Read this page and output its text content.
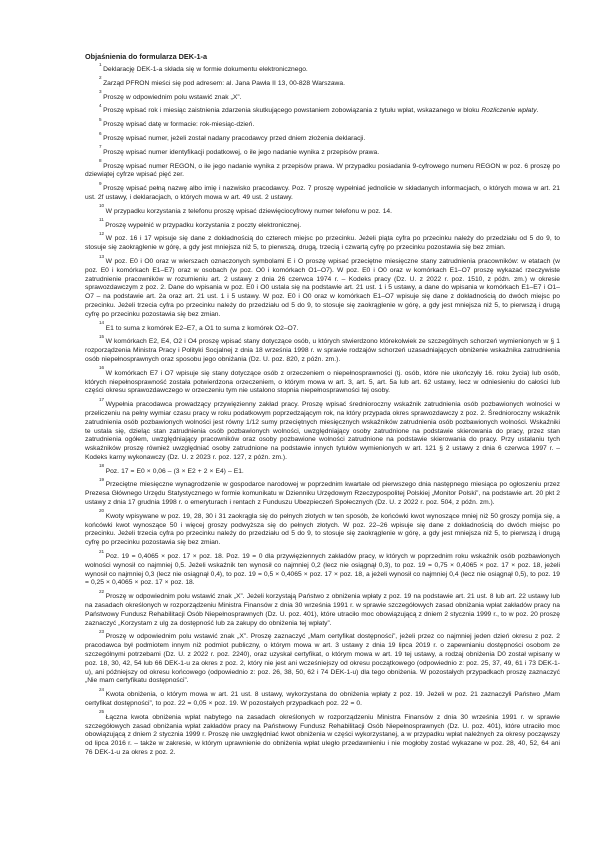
Objaśnienia do formularza DEK-1-a

$^1$Deklarację DEK-1-a składa się w formie dokumentu elektronicznego.

$^2$Zarząd PFRON mieści się pod adresem: al. Jana Pawła II 13, 00-828 Warszawa.

$^3$Proszę w odpowiednim polu wstawić znak „X”.

$^4$Proszę wpisać rok i miesiąc zaistnienia zdarzenia skutkującego powstaniem zobowiązania z tytułu wpłat, wskazanego w bloku Rozliczenie wpłaty.

$^5$Proszę wpisać datę w formacie: rok-miesiąc-dzień.

$^6$Proszę wpisać numer, jeżeli został nadany pracodawcy przed dniem złożenia deklaracji.

$^7$Proszę wpisać numer identyfikacji podatkowej, o ile jego nadanie wynika z przepisów prawa.

$^8$Proszę wpisać numer REGON, o ile jego nadanie wynika z przepisów prawa. W przypadku posiadania 9-cyfrowego numeru REGON w poz. 6 proszę po dziewiątej cyfrze wpisać pięć zer.

$^9$Proszę wpisać pełną nazwę albo imię i nazwisko pracodawcy. Poz. 7 proszę wypełniać jednolicie w składanych informacjach, o których mowa w art. 21 ust. 2f ustawy, i deklaracjach, o których mowa w art. 49 ust. 2 ustawy.

$^{10}$W przypadku korzystania z telefonu proszę wpisać dziewięciocyfrowy numer telefonu w poz. 14.

$^{11}$Proszę wypełnić w przypadku korzystania z poczty elektronicznej.

$^{12}$W poz. 16 i 17 wpisuje się dane z dokładnością do czterech miejsc po przecinku. Jeżeli piąta cyfra po przecinku należy do przedziału od 5 do 9, to stosuje się zaokrąglenie w górę, a gdy jest mniejsza niż 5, to pierwszą, drugą, trzecią i czwartą cyfrę po przecinku pozostawia się bez zmian.

$^{13}$W poz. E0 i O0 oraz w wierszach oznaczonych symbolami E i O proszę wpisać przeciętne miesięczne stany zatrudnienia pracowników: w etatach (w poz. E0 i komórkach E1–E7) oraz w osobach (w poz. O0 i komórkach O1–O7). W poz. E0 i O0 oraz w komórkach E1–O7 proszę wykazać rzeczywiste zatrudnienie pracowników w rozumieniu art. 2 ustawy z dnia 26 czerwca 1974 r. – Kodeks pracy (Dz. U. z 2022 r. poz. 1510, z późn. zm.) w okresie sprawozdawczym z poz. 2. Dane do wpisania w poz. E0 i O0 ustala się na podstawie art. 21 ust. 1 i 5 ustawy, a dane do wpisania w komórkach E1–E7 i O1–O7 – na podstawie art. 2a oraz art. 21 ust. 1 i 5 ustawy. W poz. E0 i O0 oraz w komórkach E1–O7 wpisuje się dane z dokładnością do dwóch miejsc po przecinku. Jeżeli trzecia cyfra po przecinku należy do przedziału od 5 do 9, to stosuje się zaokrąglenie w górę, a gdy jest mniejsza niż 5, to pierwszą i drugą cyfrę po przecinku pozostawia się bez zmian.

$^{14}$E1 to suma z komórek E2–E7, a O1 to suma z komórek O2–O7.

$^{15}$W komórkach E2, E4, O2 i O4 proszę wpisać stany dotyczące osób, u których stwierdzono którekolwiek ze szczególnych schorzeń wymienionych w § 1 rozporządzenia Ministra Pracy i Polityki Socjalnej z dnia 18 września 1998 r. w sprawie rodzajów schorzeń uzasadniających obniżenie wskaźnika zatrudnienia osób niepełnosprawnych oraz sposobu jego obniżania (Dz. U. poz. 820, z późn. zm.).

$^{16}$W komórkach E7 i O7 wpisuje się stany dotyczące osób z orzeczeniem o niepełnosprawności (tj. osób, które nie ukończyły 16. roku życia) lub osób, których niepełnosprawność została potwierdzona orzeczeniem, o którym mowa w art. 3, art. 5, art. 5a lub art. 62 ustawy, lecz w odniesieniu do całości lub części okresu sprawozdawczego w orzeczeniu tym nie ustalono stopnia niepełnosprawności tej osoby.

$^{17}$Wypełnia pracodawca prowadzący przywięzienny zakład pracy. Proszę wpisać średnioroczny wskaźnik zatrudnienia osób pozbawionych wolności w przeliczeniu na pełny wymiar czasu pracy w roku podatkowym poprzedzającym rok, na który przypada okres sprawozdawczy z poz. 2. Średnioroczny wskaźnik zatrudnienia osób pozbawionych wolności jest równy 1/12 sumy przeciętnych miesięcznych wskaźników zatrudnienia osób pozbawionych wolności. Wskaźniki te ustala się, dzieląc stan zatrudnienia osób pozbawionych wolności, uwzględniający osoby zatrudnione na podstawie skierowania do pracy, przez stan zatrudnienia ogółem, uwzględniający pracowników oraz osoby pozbawione wolności zatrudnione na podstawie skierowania do pracy. Przy ustalaniu tych wskaźników proszę również uwzględniać osoby zatrudnione na podstawie innych tytułów wymienionych w art. 121 § 2 ustawy z dnia 6 czerwca 1997 r. – Kodeks karny wykonawczy (Dz. U. z 2023 r. poz. 127, z późn. zm.).

$^{18}$Poz. 17 = E0 × 0,06 – (3 × E2 + 2 × E4) – E1.

$^{19}$Przeciętne miesięczne wynagrodzenie w gospodarce narodowej w poprzednim kwartale od pierwszego dnia następnego miesiąca po ogłoszeniu przez Prezesa Głównego Urzędu Statystycznego w formie komunikatu w Dzienniku Urzędowym Rzeczypospolitej Polskiej „Monitor Polski”, na podstawie art. 20 pkt 2 ustawy z dnia 17 grudnia 1998 r. o emeryturach i rentach z Funduszu Ubezpieczeń Społecznych (Dz. U. z 2022 r. poz. 504, z późn. zm.).

$^{20}$Kwoty wpisywane w poz. 19, 28, 30 i 31 zaokrągla się do pełnych złotych w ten sposób, że końcówki kwot wynoszące mniej niż 50 groszy pomija się, a końcówki kwot wynoszące 50 i więcej groszy podwyższa się do pełnych złotych. W poz. 22–26 wpisuje się dane z dokładnością do dwóch miejsc po przecinku. Jeżeli trzecia cyfra po przecinku należy do przedziału od 5 do 9, to stosuje się zaokrąglenie w górę, a gdy jest mniejsza niż 5, to pierwszą i drugą cyfrę po przecinku pozostawia się bez zmian.

$^{21}$Poz. 19 = 0,4065 × poz. 17 × poz. 18. Poz. 19 = 0 dla przywięziennych zakładów pracy, w których w poprzednim roku wskaźnik osób pozbawionych wolności wynosił co najmniej 0,5. Jeżeli wskaźnik ten wynosił co najmniej 0,2 (lecz nie osiągnął 0,3), to poz. 19 = 0,75 × 0,4065 × poz. 17 × poz. 18, jeżeli wynosił co najmniej 0,3 (lecz nie osiągnął 0,4), to poz. 19 = 0,5 × 0,4065 × poz. 17 × poz. 18, a jeżeli wynosił co najmniej 0,4 (lecz nie osiągnął 0,5), to poz. 19 = 0,25 × 0,4065 × poz. 17 × poz. 18.

$^{22}$Proszę w odpowiednim polu wstawić znak „X”. Jeżeli korzystają Państwo z obniżenia wpłaty z poz. 19 na podstawie art. 21 ust. 8 lub art. 22 ustawy lub na zasadach określonych w rozporządzeniu Ministra Finansów z dnia 30 września 1991 r. w sprawie szczegółowych zasad obniżania wpłat zakładów pracy na Państwowy Fundusz Rehabilitacji Osób Niepełnosprawnych (Dz. U. poz. 401), które utraciło moc obowiązującą z dniem 2 stycznia 1999 r., to w poz. 20 proszę zaznaczyć „Korzystam z ulg za dostępność lub za zakupy do obniżenia tej wpłaty”.

$^{23}$Proszę w odpowiednim polu wstawić znak „X”. Proszę zaznaczyć „Mam certyfikat dostępności”, jeżeli przez co najmniej jeden dzień okresu z poz. 2 pracodawca był podmiotem innym niż podmiot publiczny, o którym mowa w art. 3 ustawy z dnia 19 lipca 2019 r. o zapewnianiu dostępności osobom ze szczególnymi potrzebami (Dz. U. z 2022 r. poz. 2240), oraz uzyskał certyfikat, o którym mowa w art. 19 tej ustawy, a rodzaj obniżenia D0 został wpisany w poz. 18, 30, 42, 54 lub 66 DEK-1-u za okres z poz. 2, który nie jest ani wcześniejszy od okresu początkowego (odpowiednio z: poz. 25, 37, 49, 61 i 73 DEK-1-u), ani późniejszy od okresu końcowego (odpowiednio z: poz. 26, 38, 50, 62 i 74 DEK-1-u) dla tego obniżenia. W pozostałych przypadkach proszę zaznaczyć „Nie mam certyfikatu dostępności”.

$^{24}$Kwota obniżenia, o którym mowa w art. 21 ust. 8 ustawy, wykorzystana do obniżenia wpłaty z poz. 19. Jeżeli w poz. 21 zaznaczyli Państwo „Mam certyfikat dostępności”, to poz. 22 = 0,05 × poz. 19. W pozostałych przypadkach poz. 22 = 0.

$^{25}$Łączna kwota obniżenia wpłat nabytego na zasadach określonych w rozporządzeniu Ministra Finansów z dnia 30 września 1991 r. w sprawie szczegółowych zasad obniżania wpłat zakładów pracy na Państwowy Fundusz Rehabilitacji Osób Niepełnosprawnych (Dz. U. poz. 401), które utraciło moc obowiązującą z dniem 2 stycznia 1999 r. Proszę nie uwzględniać kwot obniżenia w części wykorzystanej, a w przypadku wpłat należnych za okresy począwszy od lipca 2016 r. – także w zakresie, w którym uprawnienie do obniżenia wpłat uległo przedawnieniu i nie mogłoby zostać wykazane w poz. 28, 40, 52, 64 ani 76 DEK-1-u za okres z poz. 2.
